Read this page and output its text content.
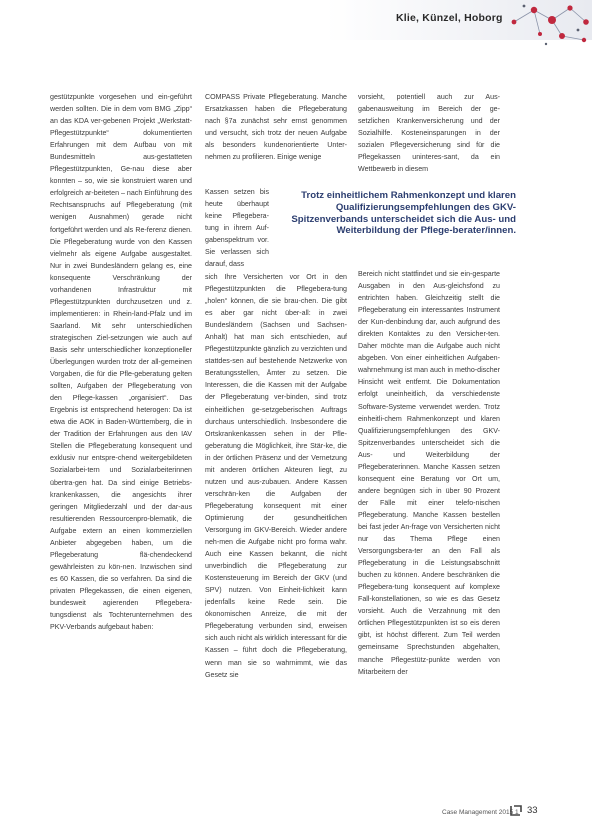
Klie, Künzel, Hoborg
gestützpunkte vorgesehen und ein-geführt werden sollten. Die in dem vom BMG „Zipp“ an das KDA ver-gebenen Projekt „Werkstatt-Pflegestützpunkte“ dokumentierten Erfahrungen mit dem Aufbau von mit Bundesmitteln aus-gestatteten Pflegestützpunkten, Ge-nau diese aber konnten – so, wie sie konstruiert waren und erfolgreich ar-beiteten – nach Einführung des Rechtsanspruchs auf Pflegeberatung (mit wenigen Ausnahmen) gerade nicht fortgeführt werden und als Re-ferenz dienen. Die Pflegeberatung wurde von den Kassen vielmehr als eigene Aufgabe ausgestaltet. Nur in zwei Bundesländern gelang es, eine konsequente Verschränkung der vorhandenen Infrastruktur mit Pflegestützpunkten durchzusetzen und z. implementieren: in Rhein-land-Pfalz und im Saarland. Mit sehr unterschiedlichen strategischen Ziel-setzungen wie auch auf Basis sehr unterschiedlicher konzeptioneller Überlegungen wurden trotz der all-gemeinen Vorgaben, die für die Pfle-geberatung gelten sollten, Aufgaben der Pflegeberatung von den Pflege-kassen „organisiert“. Das Ergebnis ist entsprechend heterogen: Da ist etwa die AOK in Baden-Württemberg, die in der Tradition der Erfahrungen aus den IAV Stellen die Pflegeberatung konsequent und exklusiv nur entspre-chend weitergebildeten Sozialarbei-tern und Sozialarbeiterinnen übertra-gen hat. Da sind einige Betriebs-krankenkassen, die angesichts ihrer geringen Mitgliederzahl und der dar-aus resultierenden Ressourcenpro-blematik, die Aufgabe extern an einen kommerziellen Anbieter abgegeben haben, um die Pflegeberatung flä-chendeckend gewährleisten zu kön-nen. Inzwischen sind es 60 Kassen, die so verfahren. Da sind die privaten Pflegekassen, die einen eigenen, bundesweit agierenden Pflegebera-tungsdienst als Tochterunternehmen des PKV-Verbands aufgebaut haben:
COMPASS Private Pflegeberatung. Manche Ersatzkassen haben die Pflegeberatung nach §7a zunächst sehr ernst genommen und versucht, sich trotz der neuen Aufgabe als besonders kundenorientierte Unter-nehmen zu profilieren. Einige wenige
Kassen setzen bis heute überhaupt keine Pflegebera-tung in ihrem Auf-gabenspektrum vor. Sie verlassen sich darauf, dass
sich Ihre Versicherten vor Ort in den Pflegestützpunkten die Pflegebera-tung „holen“ können, die sie brau-chen. Die gibt es aber gar nicht über-all: in zwei Bundesländern (Sachsen und Sachsen-Anhalt) hat man sich entschieden, auf Pflegestützpunkte gänzlich zu verzichten und stattdes-sen auf bestehende Netzwerke von Beratungsstellen, Ämter zu setzen. Die Interessen, die die Kassen mit der Aufgabe der Pflegeberatung ver-binden, sind trotz einheitlichen ge-setzgeberischen Auftrags durchaus unterschiedlich. Insbesondere die Ortskrankenkassen sehen in der Pfle-geberatung die Möglichkeit, ihre Stär-ke, die in der örtlichen Präsenz und der Vernetzung mit anderen örtlichen Akteuren liegt, zu nutzen und aus-zubauen. Andere Kassen verschrän-ken die Aufgaben der Pflegeberatung konsequent mit einer Optimierung der gesundheitlichen Versorgung im GKV-Bereich. Wieder andere neh-men die Aufgabe nicht pro forma wahr. Auch eine Kassen bekannt, die nicht unverbindlich die Pflegeberatung zur Kostensteuerung im Bereich der GKV (und SPV) nutzen. Von Einheit-lichkeit kann jedenfalls keine Rede sein. Die ökonomischen Anreize, die mit der Pflegeberatung verbunden sind, erweisen sich auch nicht als wirklich interessant für die Kassen – führt doch die Pflegeberatung, wenn man sie so wahrnimmt, wie das Gesetz sie
vorsieht, potentiell auch zur Aus-gabenausweitung im Bereich der ge-setzlichen Krankenversicherung und der Sozialhilfe. Kosteneinsparungen in der sozialen Pflegeversicherung sind für die Pflegekassen uninteres-sant, da ein Wettbewerb in diesem
Bereich nicht stattfindet und sie ein-gesparte Ausgaben in den Aus-gleichsfond zu entrichten haben. Gleichzeitig stellt die Pflegeberatung ein interessantes Instrument der Kun-denbindung dar, auch aufgrund des direkten Kontaktes zu den Versicher-ten. Daher möchte man die Aufgabe auch nicht abgeben. Von einer einheitlichen Aufgaben-wahrnehmung ist man auch in metho-discher Hinsicht weit entfernt. Die Dokumentation erfolgt uneinheitlich, da verschiedenste Software-Systeme verwendet werden. Trotz einheitli-chem Rahmenkonzept und klaren Qualifizierungsempfehlungen des GKV-Spitzenverbandes unterscheidet sich die Aus- und Weiterbildung der Pflegeberaterinnen. Manche Kassen setzen konsequent eine Beratung vor Ort um, andere begnügen sich in über 90 Prozent der Fälle mit einer telefo-nischen Pflegeberatung. Manche Kassen bestellen bei fast jeder An-frage von Versicherten nicht nur das Thema Pflege einen Versorgungsbera-ter an den Fall als Pflegeberatung in die Leistungsabschnitt buchen zu können. Andere beschränken die Pflegebera-tung konsequent auf komplexe Fall-konstellationen, so wie es das Gesetz vorsieht. Auch die Verzahnung mit den örtlichen Pflegestützpunkten ist so eis deren gibt, ist höchst different. Zum Teil werden gemeinsame Sprechstunden abgehalten, manche Pflegestütz-punkte werden von Mitarbeitern der
Trotz einheitlichem Rahmenkonzept und klaren Qualifizierungsempfehlungen des GKV-Spitzenverbands unterscheidet sich die Aus- und Weiterbildung der Pflege-berater/innen.
Case Management 2015 1 33
